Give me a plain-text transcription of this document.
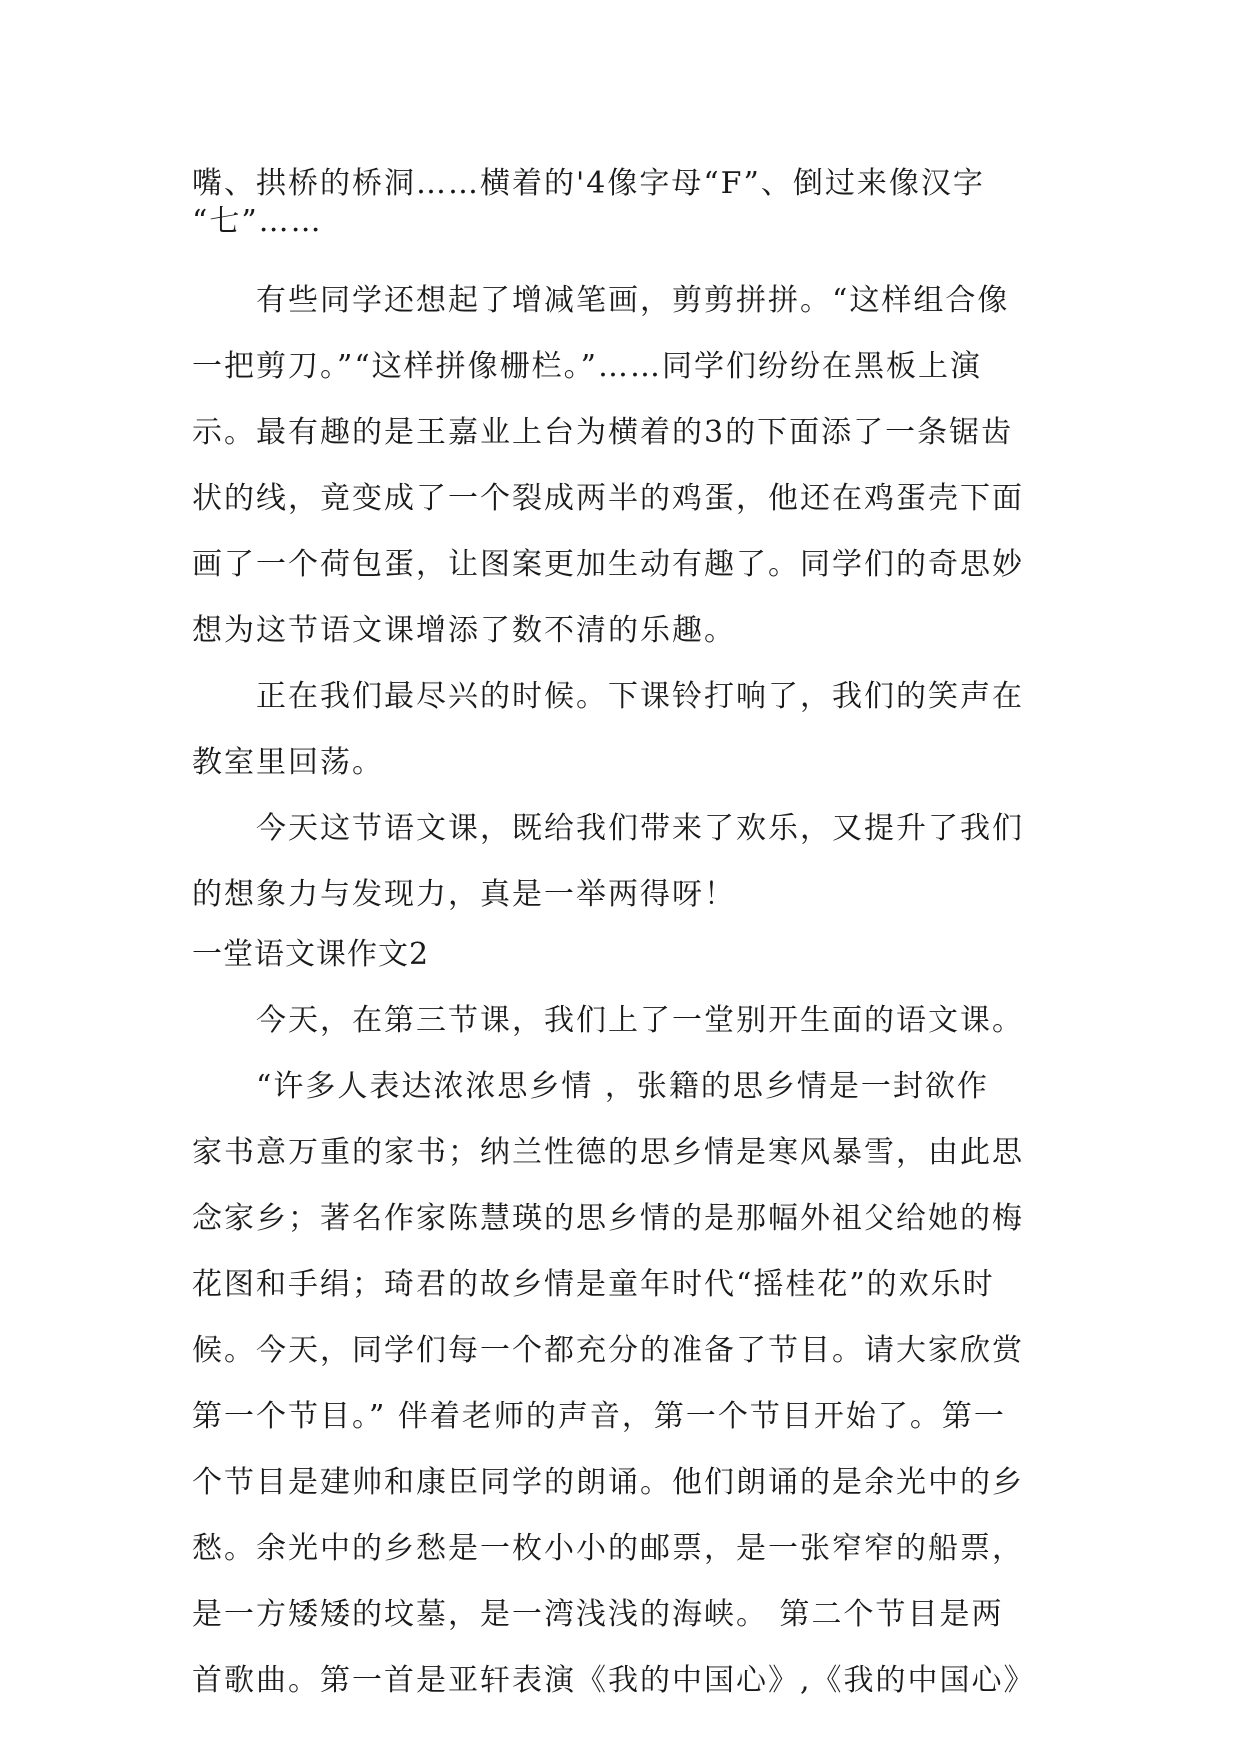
嘴、拱桥的桥洞……横着的'4像字母“F”、倒过来像汉字
“七”……
有些同学还想起了增减笔画，剪剪拼拼。“这样组合像
一把剪刀。”“这样拼像栅栏。”……同学们纷纷在黑板上演
示。最有趣的是王嘉业上台为横着的3的下面添了一条锯齿
状的线，竟变成了一个裂成两半的鸡蛋，他还在鸡蛋壳下面
画了一个荷包蛋，让图案更加生动有趣了。同学们的奇思妙
想为这节语文课增添了数不清的乐趣。
正在我们最尽兴的时候。下课铃打响了，我们的笑声在
教室里回荡。
今天这节语文课，既给我们带来了欢乐，又提升了我们
的想象力与发现力，真是一举两得呀！
一堂语文课作文2
今天，在第三节课，我们上了一堂别开生面的语文课。
“许多人表达浓浓思乡情 ，张籍的思乡情是一封欲作
家书意万重的家书；纳兰性德的思乡情是寒风暴雪，由此思
念家乡；著名作家陈慧瑛的思乡情的是那幅外祖父给她的梅
花图和手绢；琦君的故乡情是童年时代“摇桂花”的欢乐时
候。今天，同学们每一个都充分的准备了节目。请大家欣赏
第一个节目。” 伴着老师的声音，第一个节目开始了。第一
个节目是建帅和康臣同学的朗诵。他们朗诵的是余光中的乡
愁。余光中的乡愁是一枚小小的邮票，是一张窄窄的船票，
是一方矮矮的坟墓，是一湾浅浅的海峡。 第二个节目是两
首歌曲。第一首是亚轩表演《我的中国心》,《我的中国心》
